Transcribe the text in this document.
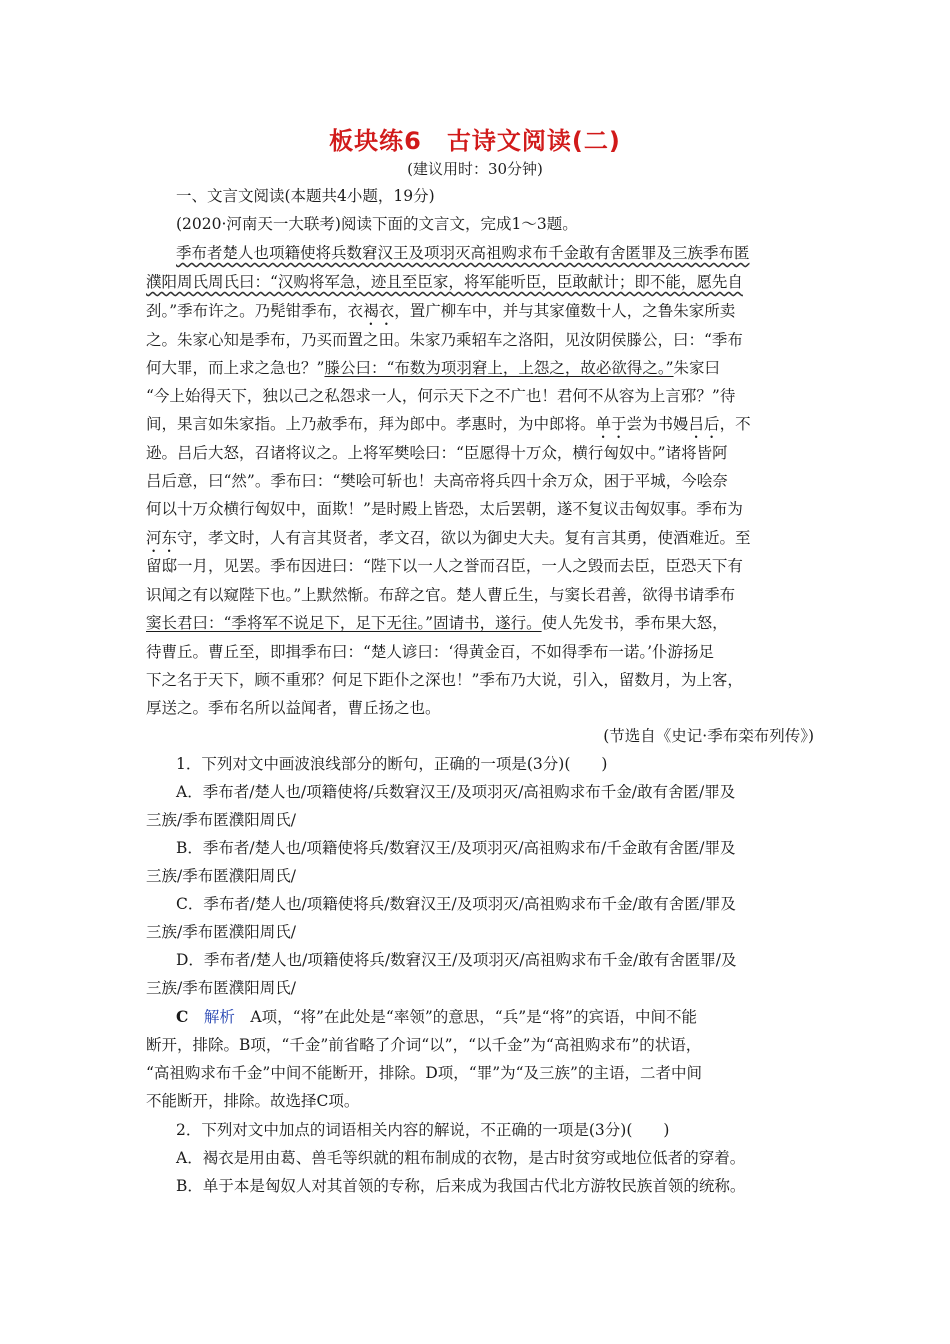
板块练6　古诗文阅读(二)
(建议用时：30分钟)
一、文言文阅读(本题共4小题，19分)
(2020·河南天一大联考)阅读下面的文言文，完成1～3题。
季布者楚人也项籍使将兵数窘汉王及项羽灭高祖购求布千金敢有舍匿罪及三族季布匿
濮阳周氏周氏曰：“汉购将军急，迹且至臣家，将军能听臣，臣敢献计；即不能，愿先自
刭。”季布许之。乃髡钳季布，衣褐衣，置广柳车中，并与其家僮数十人，之鲁朱家所卖
之。朱家心知是季布，乃买而置之田。朱家乃乘轺车之洛阳，见汝阴侯滕公，曰：“季布
何大罪，而上求之急也？”滕公曰：“布数为项羽窘上，上怨之，故必欲得之。”朱家曰
“今上始得天下，独以己之私怨求一人，何示天下之不广也！君何不从容为上言邪？”待
间，果言如朱家指。上乃赦季布，拜为郎中。孝惠时，为中郎将。单于尝为书嫚吕后，不
逊。吕后大怒，召诸将议之。上将军樊哙曰：“臣愿得十万众，横行匈奴中。”诸将皆阿
吕后意，曰“然”。季布曰：“樊哙可斩也！夫高帝将兵四十余万众，困于平城，今哙奈
何以十万众横行匈奴中，面欺！”是时殿上皆恐，太后罢朝，遂不复议击匈奴事。季布为
河东守，孝文时，人有言其贤者，孝文召，欲以为御史大夫。复有言其勇，使酒难近。至
留邸一月，见罢。季布因进曰：“陛下以一人之誉而召臣，一人之毁而去臣，臣恐天下有
识闻之有以窥陛下也。”上默然惭。布辞之官。楚人曹丘生，与窦长君善，欲得书请季布
窦长君曰：“季将军不说足下，足下无往。”固请书，遂行。使人先发书，季布果大怒，
待曹丘。曹丘至，即揖季布曰：“楚人谚曰：‘得黄金百，不如得季布一诺。’仆游扬足
下之名于天下，顾不重邪？何足下距仆之深也！”季布乃大说，引入，留数月，为上客，
厚送之。季布名所以益闻者，曹丘扬之也。
(节选自《史记·季布栾布列传》)
1．下列对文中画波浪线部分的断句，正确的一项是(3分)(　　)
A．季布者/楚人也/项籍使将/兵数窘汉王/及项羽灭/高祖购求布千金/敢有舍匿/罪及
三族/季布匿濮阳周氏/
B．季布者/楚人也/项籍使将兵/数窘汉王/及项羽灭/高祖购求布/千金敢有舍匿/罪及
三族/季布匿濮阳周氏/
C．季布者/楚人也/项籍使将兵/数窘汉王/及项羽灭/高祖购求布千金/敢有舍匿/罪及
三族/季布匿濮阳周氏/
D．季布者/楚人也/项籍使将兵/数窘汉王/及项羽灭/高祖购求布千金/敢有舍匿罪/及
三族/季布匿濮阳周氏/
C　 解析　 A项，“将”在此处是“率领”的意思，“兵”是“将”的宾语，中间不能
断开，排除。B项，“千金”前省略了介词“以”，“以千金”为“高祖购求布”的状语，
“高祖购求布千金”中间不能断开，排除。D项，“罪”为“及三族”的主语，二者中间
不能断开，排除。故选择C项。
2．下列对文中加点的词语相关内容的解说，不正确的一项是(3分)(　　)
A．褐衣是用由葛、兽毛等织就的粗布制成的衣物，是古时贫穷或地位低者的穿着。
B．单于本是匈奴人对其首领的专称，后来成为我国古代北方游牧民族首领的统称。
